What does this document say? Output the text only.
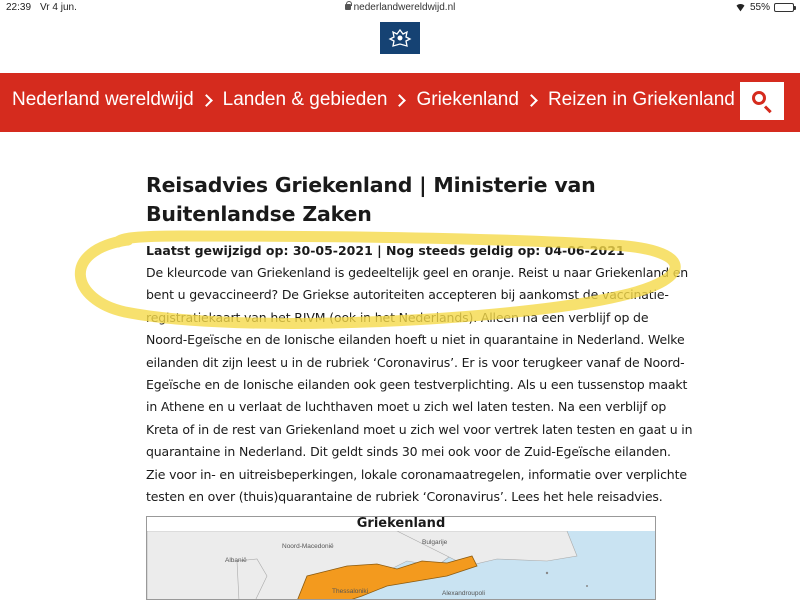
22:39 Vr 4 jun.	nederlandwereldwijd.nl	55%
Nederland wereldwijd Landen & gebieden Griekenland Reizen in Griekenland
Reisadvies Griekenland | Ministerie van Buitenlandse Zaken
Laatst gewijzigd op: 30-05-2021 | Nog steeds geldig op: 04-06-2021
De kleurcode van Griekenland is gedeeltelijk geel en oranje. Reist u naar Griekenland en
bent u gevaccineerd? De Griekse autoriteiten accepteren bij aankomst de vaccinatie-
registratiekaart van het RIVM (ook in het Nederlands). Alleen na een verblijf op de
Noord-Egeïsche en de Ionische eilanden hoeft u niet in quarantaine in Nederland. Welke
eilanden dit zijn leest u in de rubriek ‘Coronavirus’. Er is voor terugkeer vanaf de Noord-
Egeïsche en de Ionische eilanden ook geen testverplichting. Als u een tussenstop maakt
in Athene en u verlaat de luchthaven moet u zich wel laten testen. Na een verblijf op
Kreta of in de rest van Griekenland moet u zich wel voor vertrek laten testen en gaat u in
quarantaine in Nederland. Dit geldt sinds 30 mei ook voor de Zuid-Egeïsche eilanden.
Zie voor in- en uitreisbeperkingen, lokale coronamaatregelen, informatie over verplichte
testen en over (thuis)quarantaine de rubriek ‘Coronavirus’. Lees het hele reisadvies.
Griekenland
Bulgarije
Noord-Macedonië
Albanië
Thessaloniki	Alexandroupoli
